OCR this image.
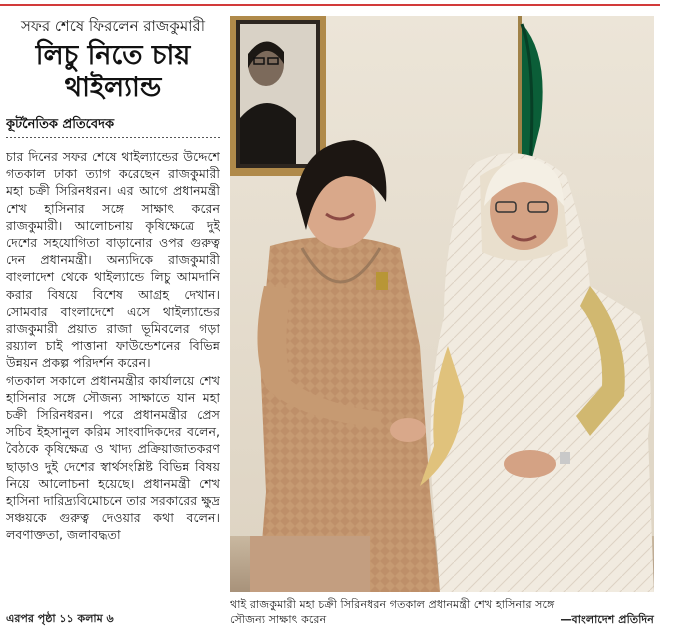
সফর শেষে ফিরলেন রাজকুমারী
লিচু নিতে চায়
থাইল্যান্ড
কূটনৈতিক প্রতিবেদক

চার দিনের সফর শেষে থাইল্যান্ডের উদ্দেশে গতকাল ঢাকা ত্যাগ করেছেন রাজকুমারী মহা চক্রী সিরিনধরন। এর আগে প্রধানমন্ত্রী শেখ হাসিনার সঙ্গে সাক্ষাৎ করেন রাজকুমারী। আলোচনায় কৃষিক্ষেত্রে দুই দেশের সহযোগিতা বাড়ানোর ওপর গুরুত্ব দেন প্রধানমন্ত্রী। অন্যদিকে রাজকুমারী বাংলাদেশ থেকে থাইল্যান্ডে লিচু আমদানি করার বিষয়ে বিশেষ আগ্রহ দেখান। সোমবার বাংলাদেশে এসে থাইল্যান্ডের রাজকুমারী প্রয়াত রাজা ভূমিবলের গড়া রয়্যাল চাই পাত্তানা ফাউন্ডেশনের বিভিন্ন উন্নয়ন প্রকল্প পরিদর্শন করেন।

গতকাল সকালে প্রধানমন্ত্রীর কার্যালয়ে শেখ হাসিনার সঙ্গে সৌজন্য সাক্ষাতে যান মহা চক্রী সিরিনধরন। পরে প্রধানমন্ত্রীর প্রেস সচিব ইহসানুল করিম সাংবাদিকদের বলেন, বৈঠকে কৃষিক্ষেত্র ও খাদ্য প্রক্রিয়াজাতকরণ ছাড়াও দুই দেশের স্বার্থসংশ্লিষ্ট বিভিন্ন বিষয় নিয়ে আলোচনা হয়েছে। প্রধানমন্ত্রী শেখ হাসিনা দারিদ্র্যবিমোচনে তার সরকারের ক্ষুদ্র সঞ্চয়কে গুরুত্ব দেওয়ার কথা বলেন। লবণাক্ততা, জলাবদ্ধতা

এরপর পৃষ্ঠা ১১ কলাম ৬
থাই রাজকুমারী মহা চক্রী সিরিনধরন গতকাল প্রধানমন্ত্রী শেখ হাসিনার সঙ্গে
সৌজন্য সাক্ষাৎ করেন	—বাংলাদেশ প্রতিদিন
